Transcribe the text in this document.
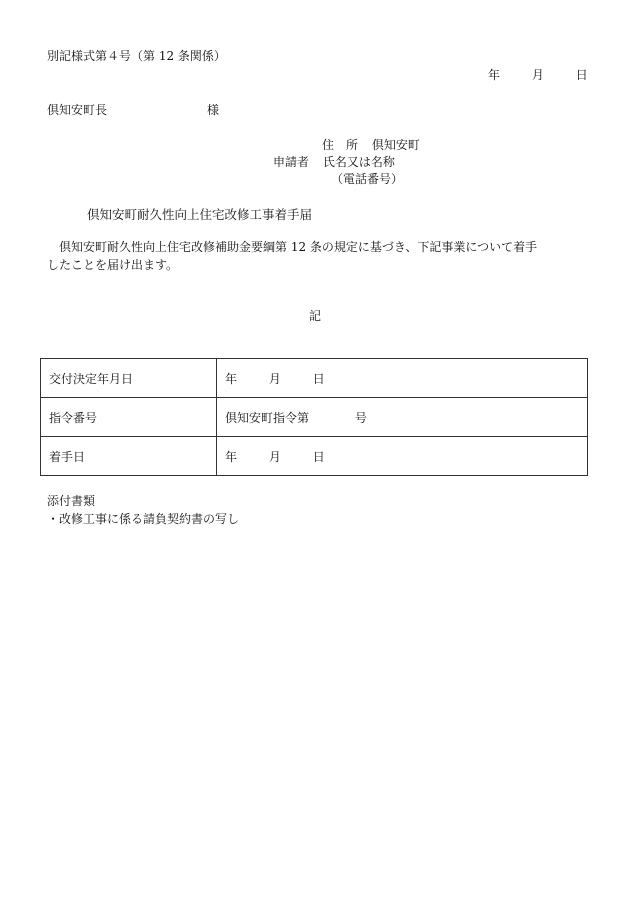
別記様式第４号（第 12 条関係）
年	月	日
倶知安町長	様
住　所 倶知安町
申請者 氏名又は名称
（電話番号）
倶知安町耐久性向上住宅改修工事着手届

倶知安町耐久性向上住宅改修補助金要綱第 12 条の規定に基づき、下記事業について着手

したことを届け出ます。

記
交付決定年月日	年 月 日
指令番号	倶知安町指令第 号
着手日	年 月 日
添付書類
・改修工事に係る請負契約書の写し
